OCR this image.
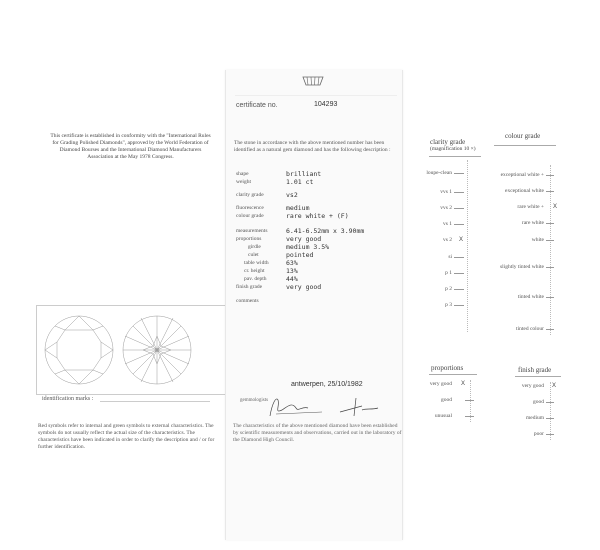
This certificate is established in conformity with the "International Rules for Grading Polished Diamonds", approved by the World Federation of Diamond Bourses and the International Diamond Manufacturers Association at the May 1978 Congress.
identification marks :
Red symbols refer to internal and green symbols to external characteristics. The symbols do not usually reflect the actual size of the characteristics. The characteristics have been indicated in order to clarify the description and / or for further identification.
certificate no.	104293
The stone in accordance with the above mentioned number has been identified as a natural gem diamond and has the following description :
shape	brilliant
weight	1.01 ct
clarity grade	vs2
fluorescence	medium
colour grade	rare white + (F)
measurements	6.41-6.52mm x 3.90mm
proportions	very good
girdle	medium 3.5%
culet	pointed
table width	63%
cr. height	13%
pav. depth	44%
finish grade	very good
comments
antwerpen, 25/10/1982
gemmologists
The characteristics of the above mentioned diamond have been established by scientific measurements and observations, carried out in the laboratory of the Diamond High Council.
clarity grade
(magnification 10 ×)
colour grade
loupe-clean
vvs 1
vvs 2
vs 1
vs 2 X
si
p 1
p 2
p 3
exceptional white +
exceptional white
rare white + X
rare white
white
slightly tinted white
tinted white
tinted colour
proportions
very good X
good
unusual
finish grade
very good X
good
medium
poor
